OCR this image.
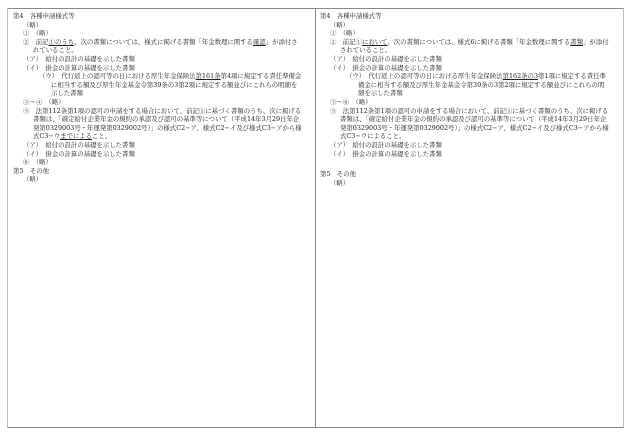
第4　各種申請様式等
（略）
①　（略）
②　前記①のうち、次の書類については、様式に掲げる書類「年金数理に関する確認」が添付されていること。
（ア）　給付の設計の基礎を示した書類
（イ）　掛金の計算の基礎を示した書類
（ウ）　代行返上の認可等の日における厚生年金保険法第161条第4項に規定する責任準備金に相当する額及び厚生年金基金令第39条の3第2項に規定する額並びにこれらの明細を示した書類
③〜④　（略）
⑤　法第112条第1項の認可の申請をする場合において、前記①に基づく書類のうち、次に掲げる書類は、「確定給付企業年金の規約の承認及び認可の基準等について（平成14年3月29日年企発第0329003号・年運発第0329002号）」の様式C2−ア、様式C2−イ及び様式C3−アから様式C3−ウまでによること。
（ア）　給付の設計の基礎を示した書類
（イ）　掛金の計算の基礎を示した書類
⑥　（略）
第5　その他
（略）
第4　各種申請様式等
（略）
①　（略）
②　前記①において、次の書類については、様式6に掲げる書類「年金数理に関する書類」が添付されていること。
（ア）　給付の設計の基礎を示した書類
（イ）　掛金の計算の基礎を示した書類
（ウ）　代行返上の認可等の日における厚生年金保険法第162条の3第1項に規定する責任準備金に相当する額及び厚生年金基金令第39条の3第2項に規定する額並びにこれらの明細を示した書類
③〜⑥　（略）
⑤　法第112条第1項の認可の申請をする場合において、前記①に基づく書類のうち、次に掲げる書類は、「確定給付企業年金の規約の承認及び認可の基準等について（平成14年3月29日年企発第0329003号・年運発第0329002号）」の様式C2−ア、様式C2−イ及び様式C3−アから様式C3−ウによること。
（ア）　給付の設計の基礎を示した書類
（イ）　掛金の計算の基礎を示した書類
第5　その他
（略）
